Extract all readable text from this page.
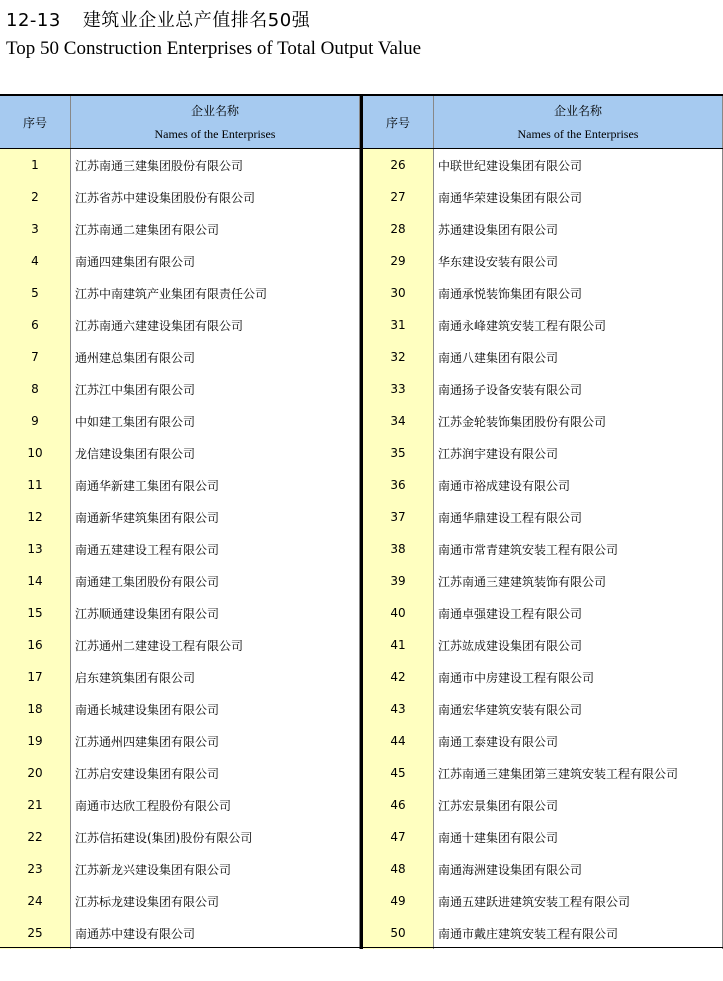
12-13 建筑业企业总产值排名50强
Top 50 Construction Enterprises of Total Output Value
序号
企业名称
Names of the Enterprises
序号
企业名称
Names of the Enterprises
1
2
3
4
5
6
7
8
9
10
11
12
13
14
15
16
17
18
19
20
21
22
23
24
25
江苏南通三建集团股份有限公司
江苏省苏中建设集团股份有限公司
江苏南通二建集团有限公司
南通四建集团有限公司
江苏中南建筑产业集团有限责任公司
江苏南通六建建设集团有限公司
通州建总集团有限公司
江苏江中集团有限公司
中如建工集团有限公司
龙信建设集团有限公司
南通华新建工集团有限公司
南通新华建筑集团有限公司
南通五建建设工程有限公司
南通建工集团股份有限公司
江苏顺通建设集团有限公司
江苏通州二建建设工程有限公司
启东建筑集团有限公司
南通长城建设集团有限公司
江苏通州四建集团有限公司
江苏启安建设集团有限公司
南通市达欣工程股份有限公司
江苏信拓建设(集团)股份有限公司
江苏新龙兴建设集团有限公司
江苏标龙建设集团有限公司
南通苏中建设有限公司
26
27
28
29
30
31
32
33
34
35
36
37
38
39
40
41
42
43
44
45
46
47
48
49
50
中联世纪建设集团有限公司
南通华荣建设集团有限公司
苏通建设集团有限公司
华东建设安装有限公司
南通承悦装饰集团有限公司
南通永峰建筑安装工程有限公司
南通八建集团有限公司
南通扬子设备安装有限公司
江苏金轮装饰集团股份有限公司
江苏润宇建设有限公司
南通市裕成建设有限公司
南通华鼎建设工程有限公司
南通市常青建筑安装工程有限公司
江苏南通三建建筑装饰有限公司
南通卓强建设工程有限公司
江苏竑成建设集团有限公司
南通市中房建设工程有限公司
南通宏华建筑安装有限公司
南通工泰建设有限公司
江苏南通三建集团第三建筑安装工程有限公司
江苏宏景集团有限公司
南通十建集团有限公司
南通海洲建设集团有限公司
南通五建跃进建筑安装工程有限公司
南通市戴庄建筑安装工程有限公司
